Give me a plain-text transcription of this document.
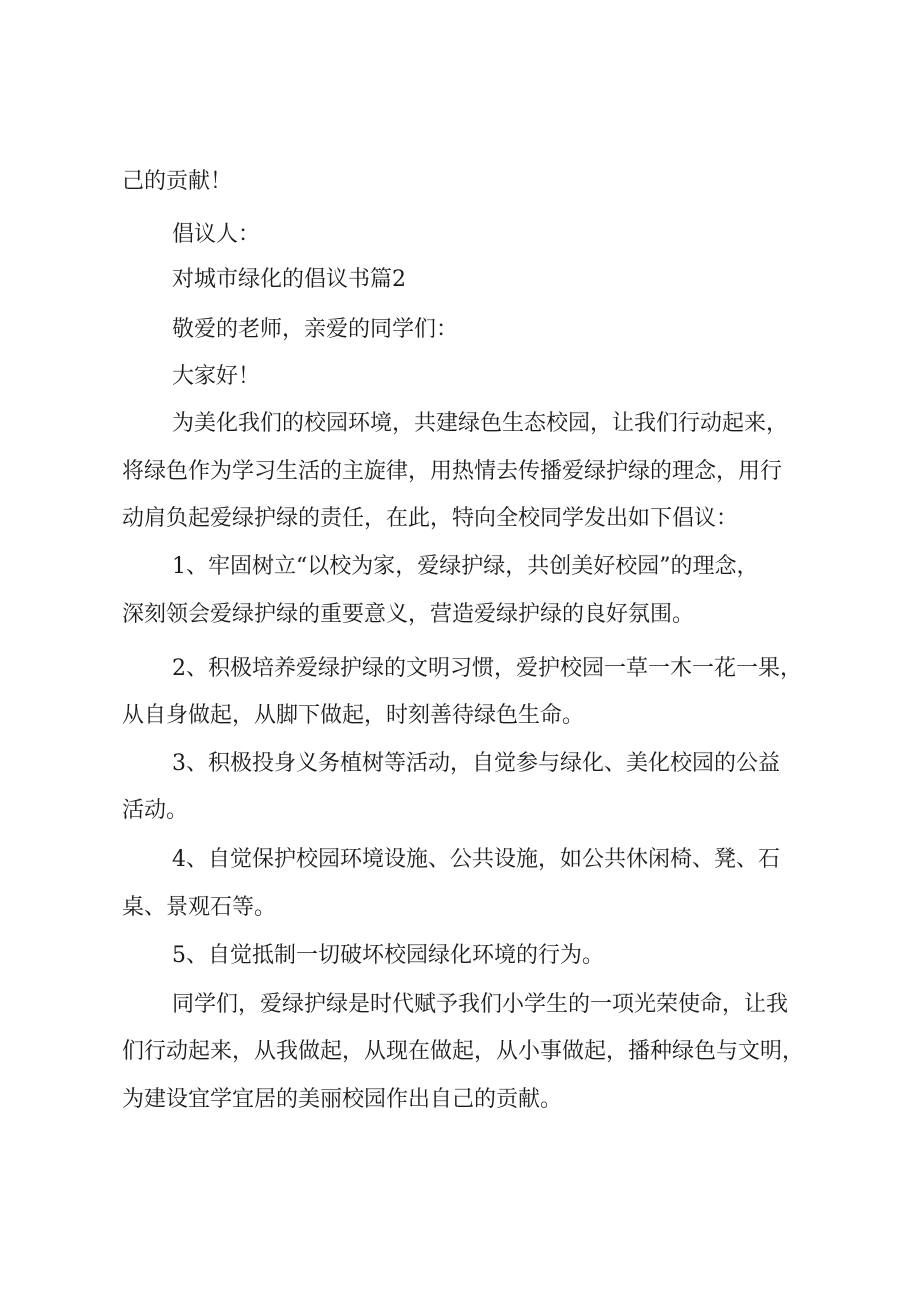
己的贡献！
倡议人：
对城市绿化的倡议书篇2
敬爱的老师，亲爱的同学们：
大家好！
为美化我们的校园环境，共建绿色生态校园，让我们行动起来，
将绿色作为学习生活的主旋律，用热情去传播爱绿护绿的理念，用行
动肩负起爱绿护绿的责任，在此，特向全校同学发出如下倡议：
1、牢固树立“以校为家，爱绿护绿，共创美好校园”的理念，
深刻领会爱绿护绿的重要意义，营造爱绿护绿的良好氛围。
2、积极培养爱绿护绿的文明习惯，爱护校园一草一木一花一果，
从自身做起，从脚下做起，时刻善待绿色生命。
3、积极投身义务植树等活动，自觉参与绿化、美化校园的公益
活动。
4、自觉保护校园环境设施、公共设施，如公共休闲椅、凳、石
桌、景观石等。
5、自觉抵制一切破坏校园绿化环境的行为。
同学们，爱绿护绿是时代赋予我们小学生的一项光荣使命，让我
们行动起来，从我做起，从现在做起，从小事做起，播种绿色与文明，
为建设宜学宜居的美丽校园作出自己的贡献。
